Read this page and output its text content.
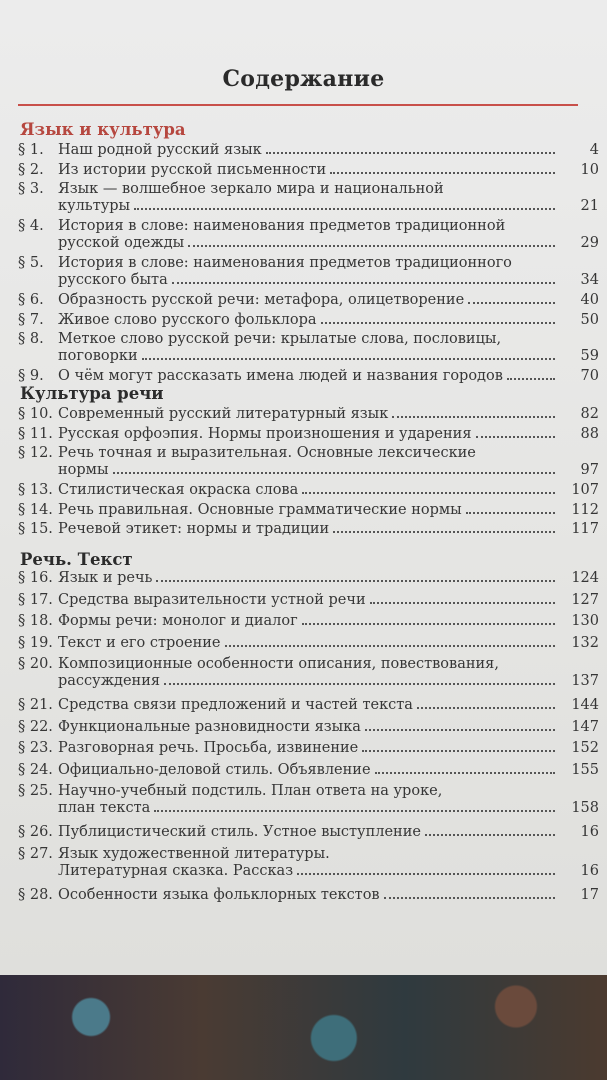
Содержание
Язык и культура
Культура речи
Речь. Текст
§ 1. Наш родной русский язык	4
§ 2. Из истории русской письменности	10
§ 3. Язык — волшебное зеркало мира и национальной

культуры	21
§ 4. История в слове: наименования предметов традиционной

русской одежды	29
§ 5. История в слове: наименования предметов традиционного

русского быта	34
§ 6. Образность русской речи: метафора, олицетворение	40
§ 7. Живое слово русского фольклора	50
§ 8. Меткое слово русской речи: крылатые слова, пословицы,

поговорки	59
§ 9. О чём могут рассказать имена людей и названия городов	70
§ 10. Современный русский литературный язык	82
§ 11. Русская орфоэпия. Нормы произношения и ударения	88
§ 12. Речь точная и выразительная. Основные лексические

нормы	97
§ 13. Стилистическая окраска слова	107
§ 14. Речь правильная. Основные грамматические нормы	112
§ 15. Речевой этикет: нормы и традиции	117
§ 16. Язык и речь	124
§ 17. Средства выразительности устной речи	127
§ 18. Формы речи: монолог и диалог	130
§ 19. Текст и его строение	132
§ 20. Композиционные особенности описания, повествования,

рассуждения	137
§ 21. Средства связи предложений и частей текста	144
§ 22. Функциональные разновидности языка	147
§ 23. Разговорная речь. Просьба, извинение	152
§ 24. Официально-деловой стиль. Объявление	155
§ 25. Научно-учебный подстиль. План ответа на уроке,

план текста	158
§ 26. Публицистический стиль. Устное выступление	16
§ 27. Язык художественной литературы.

Литературная сказка. Рассказ	16
§ 28. Особенности языка фольклорных текстов	17
